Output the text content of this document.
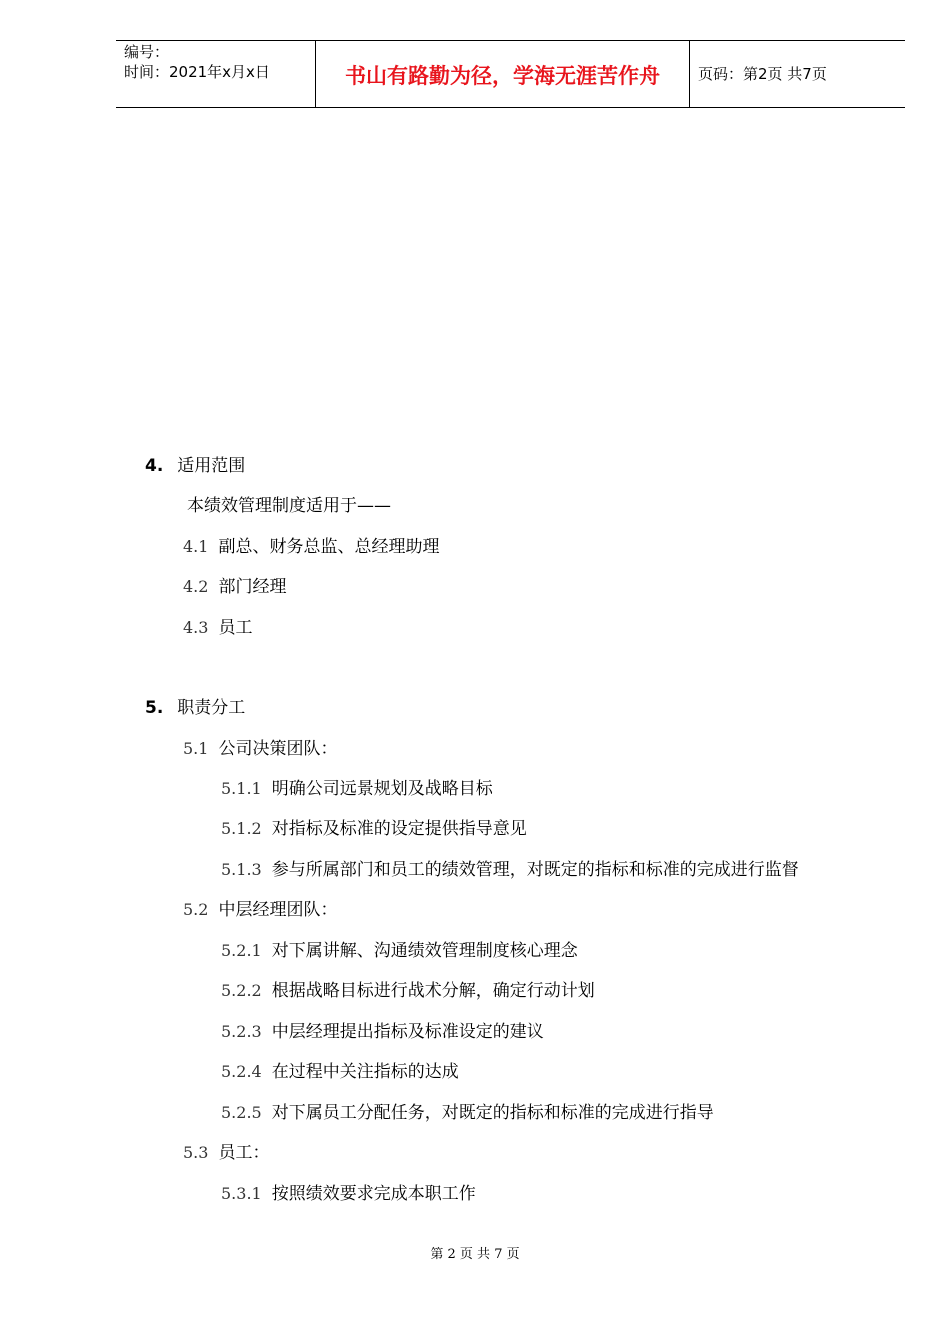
编号：
时间：2021年x月x日	书山有路勤为径，学海无涯苦作舟	页码：第2页 共7页
4. 适用范围
本绩效管理制度适用于——
4.1 副总、财务总监、总经理助理
4.2 部门经理
4.3 员工
5. 职责分工
5.1 公司决策团队：
5.1.1 明确公司远景规划及战略目标
5.1.2 对指标及标准的设定提供指导意见
5.1.3 参与所属部门和员工的绩效管理，对既定的指标和标准的完成进行监督
5.2 中层经理团队：
5.2.1 对下属讲解、沟通绩效管理制度核心理念
5.2.2 根据战略目标进行战术分解，确定行动计划
5.2.3 中层经理提出指标及标准设定的建议
5.2.4 在过程中关注指标的达成
5.2.5 对下属员工分配任务，对既定的指标和标准的完成进行指导
5.3 员工：
5.3.1 按照绩效要求完成本职工作
第 2 页 共 7 页
